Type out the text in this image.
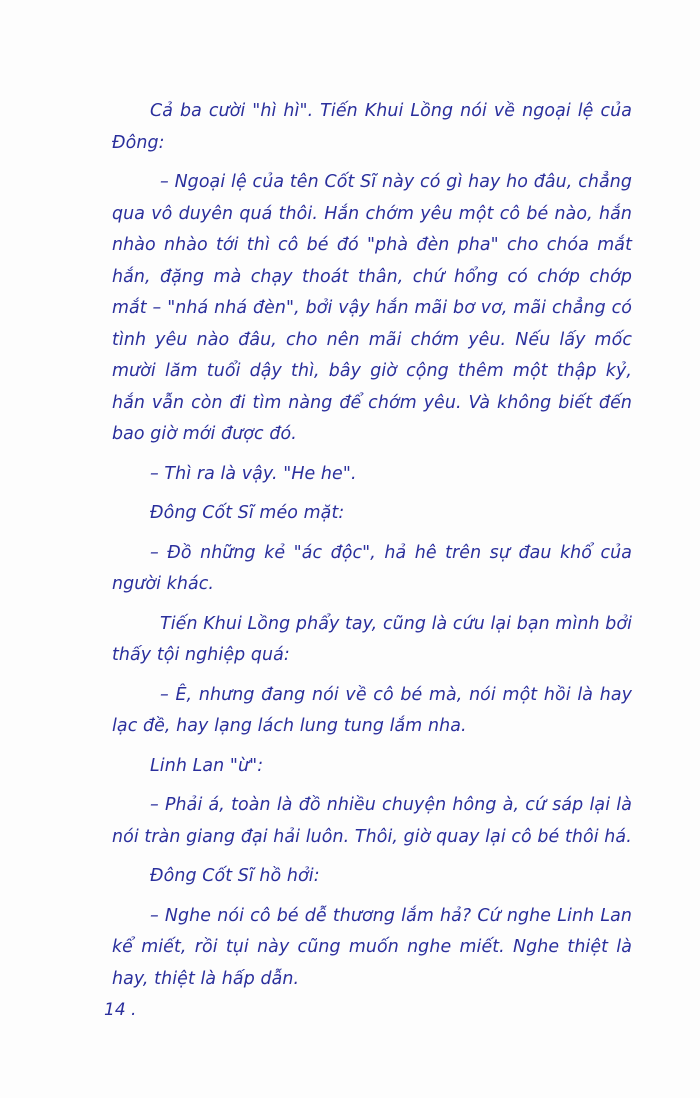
Cả ba cười "hì hì". Tiến Khui Lồng nói về ngoại lệ của Đông:

– Ngoại lệ của tên Cốt Sĩ này có gì hay ho đâu, chẳng qua vô duyên quá thôi. Hắn chớm yêu một cô bé nào, hắn nhào nhào tới thì cô bé đó "phà đèn pha" cho chóa mắt hắn, đặng mà chạy thoát thân, chứ hổng có chớp chớp mắt – "nhá nhá đèn", bởi vậy hắn mãi bơ vơ, mãi chẳng có tình yêu nào đâu, cho nên mãi chớm yêu. Nếu lấy mốc mười lăm tuổi dậy thì, bây giờ cộng thêm một thập kỷ, hắn vẫn còn đi tìm nàng để chớm yêu. Và không biết đến bao giờ mới được đó.

– Thì ra là vậy. "He he".

Đông Cốt Sĩ méo mặt:

– Đồ những kẻ "ác độc", hả hê trên sự đau khổ của người khác.

Tiến Khui Lồng phẩy tay, cũng là cứu lại bạn mình bởi thấy tội nghiệp quá:

– Ê, nhưng đang nói về cô bé mà, nói một hồi là hay lạc đề, hay lạng lách lung tung lắm nha.

Linh Lan "ừ":

– Phải á, toàn là đồ nhiều chuyện hông à, cứ sáp lại là nói tràn giang đại hải luôn. Thôi, giờ quay lại cô bé thôi há.

Đông Cốt Sĩ hồ hởi:

– Nghe nói cô bé dễ thương lắm hả? Cứ nghe Linh Lan kể miết, rồi tụi này cũng muốn nghe miết. Nghe thiệt là hay, thiệt là hấp dẫn.

14 .
